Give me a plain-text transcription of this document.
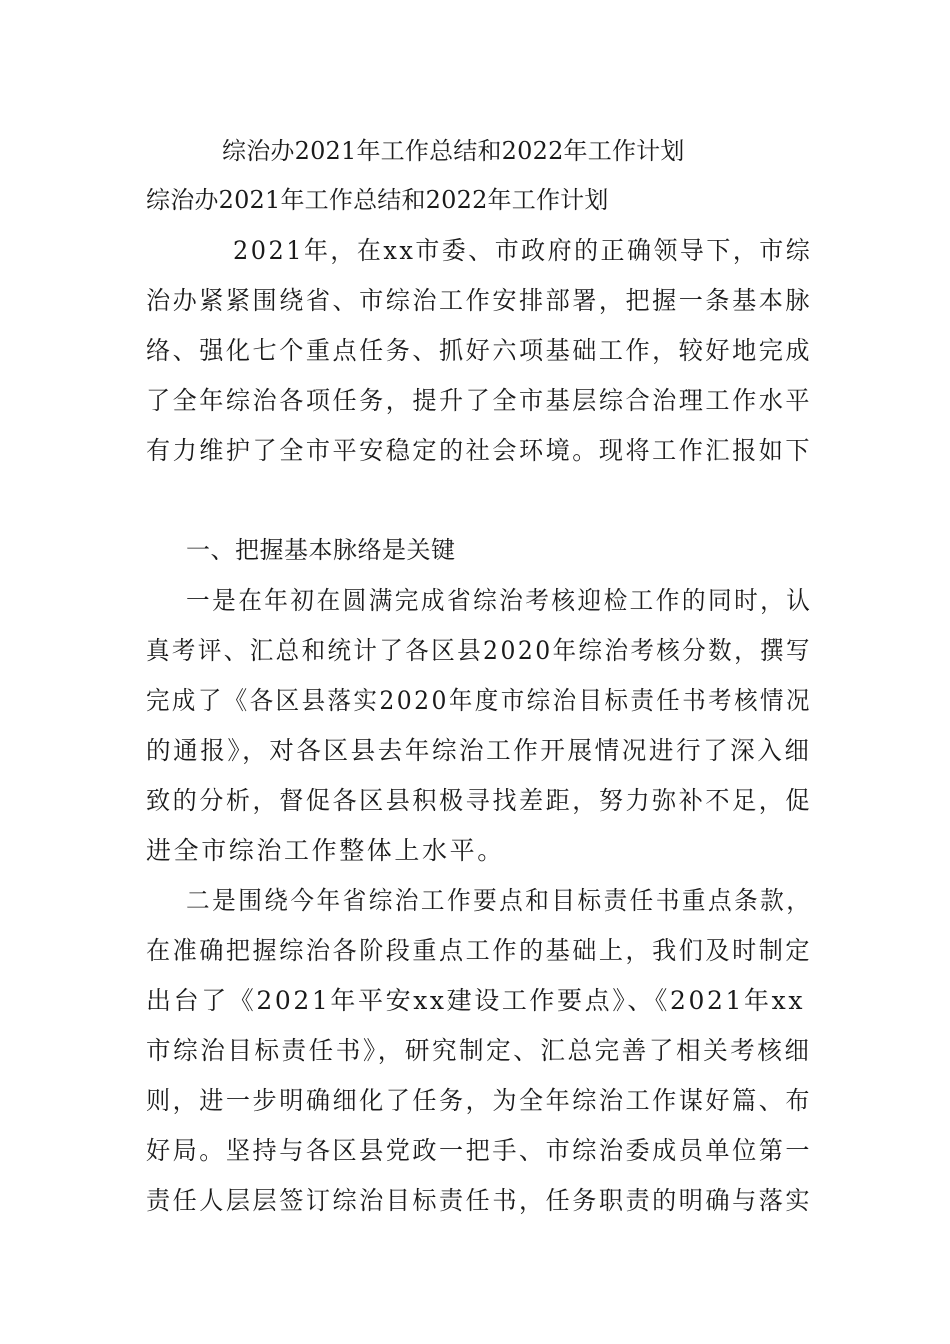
综治办2021年工作总结和2022年工作计划
综治办2021年工作总结和2022年工作计划
2021年，在xx市委、市政府的正确领导下，市综
治办紧紧围绕省、市综治工作安排部署，把握一条基本脉
络、强化七个重点任务、抓好六项基础工作，较好地完成
了全年综治各项任务，提升了全市基层综合治理工作水平
有力维护了全市平安稳定的社会环境。现将工作汇报如下
一、把握基本脉络是关键
一是在年初在圆满完成省综治考核迎检工作的同时，认
真考评、汇总和统计了各区县2020年综治考核分数，撰写
完成了《各区县落实2020年度市综治目标责任书考核情况
的通报》，对各区县去年综治工作开展情况进行了深入细
致的分析，督促各区县积极寻找差距，努力弥补不足，促
进全市综治工作整体上水平。
二是围绕今年省综治工作要点和目标责任书重点条款，
在准确把握综治各阶段重点工作的基础上，我们及时制定
出台了《2021年平安xx建设工作要点》、《2021年xx
市综治目标责任书》，研究制定、汇总完善了相关考核细
则，进一步明确细化了任务，为全年综治工作谋好篇、布
好局。坚持与各区县党政一把手、市综治委成员单位第一
责任人层层签订综治目标责任书，任务职责的明确与落实
